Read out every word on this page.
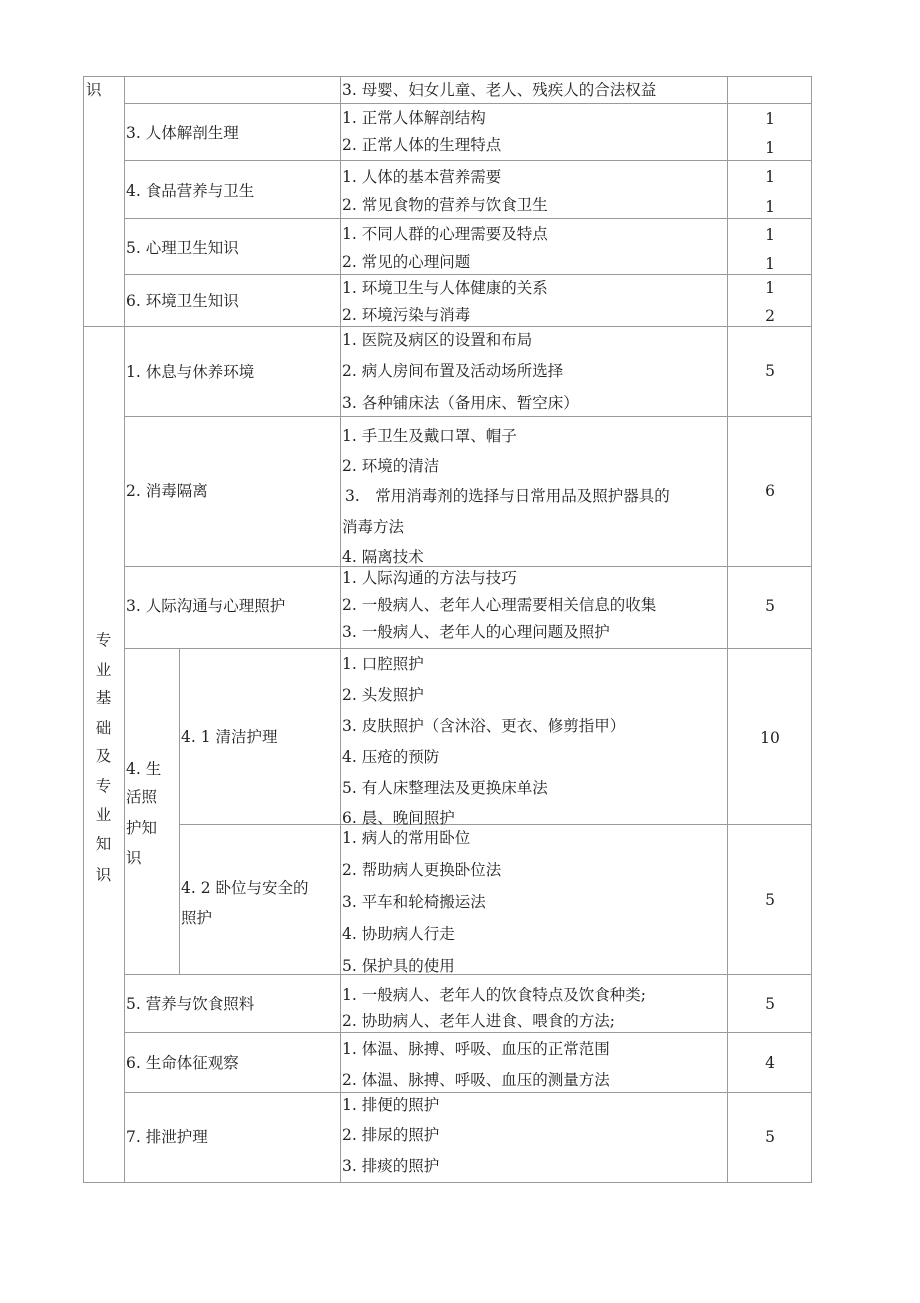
识
专
业
基
础
及
专
业
知
识
3. 母婴、妇女儿童、老人、残疾人的合法权益
3. 人体解剖生理
1. 正常人体解剖结构
2. 正常人体的生理特点
1
1
4. 食品营养与卫生
1. 人体的基本营养需要
2. 常见食物的营养与饮食卫生
1
1
5. 心理卫生知识
1. 不同人群的心理需要及特点
2. 常见的心理问题
1
1
6. 环境卫生知识
1. 环境卫生与人体健康的关系
2. 环境污染与消毒
1
2
1. 休息与休养环境
1. 医院及病区的设置和布局
2. 病人房间布置及活动场所选择
3. 各种铺床法（备用床、暂空床）
5
2. 消毒隔离
1. 手卫生及戴口罩、帽子
2. 环境的清洁
3.　常用消毒剂的选择与日常用品及照护器具的
消毒方法
4. 隔离技术
6
3. 人际沟通与心理照护
1. 人际沟通的方法与技巧
2. 一般病人、老年人心理需要相关信息的收集
3. 一般病人、老年人的心理问题及照护
5
4. 生
活照
护知
识
4. 1 清洁护理
1. 口腔照护
2. 头发照护
3. 皮肤照护（含沐浴、更衣、修剪指甲）
4. 压疮的预防
5. 有人床整理法及更换床单法
6. 晨、晚间照护
10
4. 2 卧位与安全的
照护
1. 病人的常用卧位
2. 帮助病人更换卧位法
3. 平车和轮椅搬运法
4. 协助病人行走
5. 保护具的使用
5
5. 营养与饮食照料	1. 一般病人、老年人的饮食特点及饮食种类;
2. 协助病人、老年人进食、喂食的方法;
5
6. 生命体征观察
1. 体温、脉搏、呼吸、血压的正常范围
2. 体温、脉搏、呼吸、血压的测量方法
4
7. 排泄护理
1. 排便的照护
2. 排尿的照护
3. 排痰的照护
5
